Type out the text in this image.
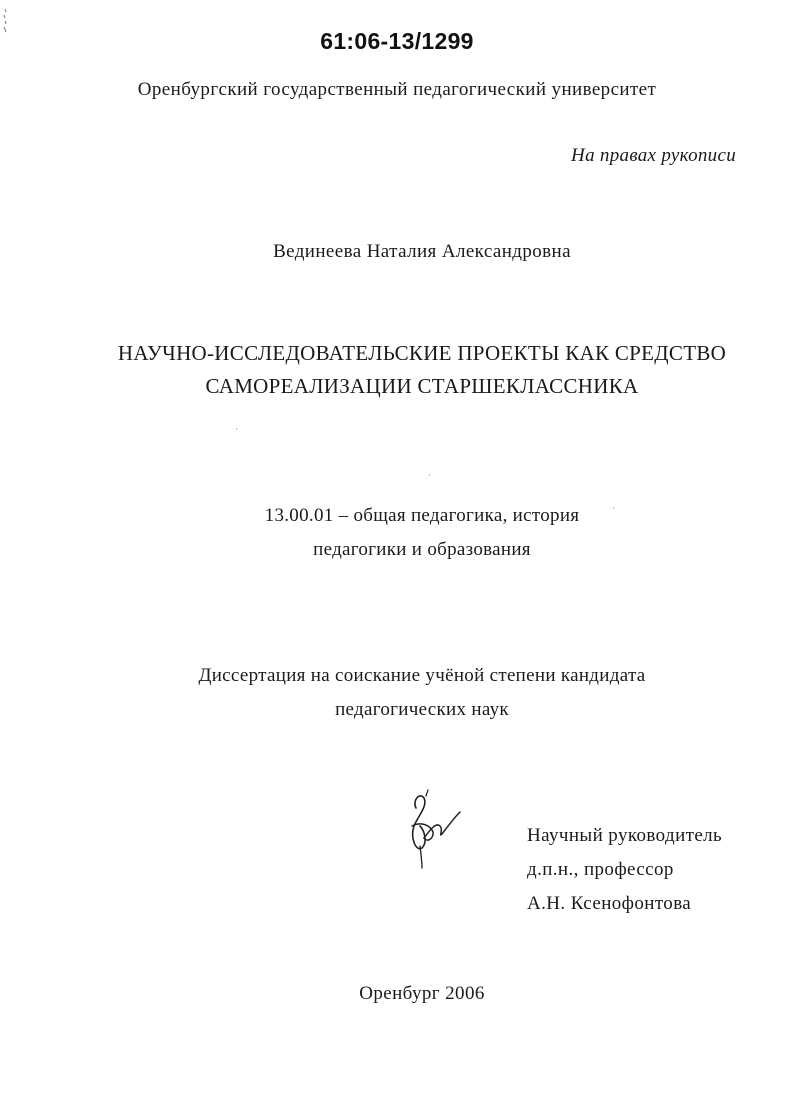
61:06-13/1299
Оренбургский государственный педагогический университет
На правах рукописи
Вединеева Наталия Александровна
НАУЧНО-ИССЛЕДОВАТЕЛЬСКИЕ ПРОЕКТЫ КАК СРЕДСТВО
САМОРЕАЛИЗАЦИИ СТАРШЕКЛАССНИКА
13.00.01 – общая педагогика, история
педагогики и образования
Диссертация на соискание учёной степени кандидата
педагогических наук
Научный руководитель
д.п.н., профессор
А.Н. Ксенофонтова
Оренбург 2006
